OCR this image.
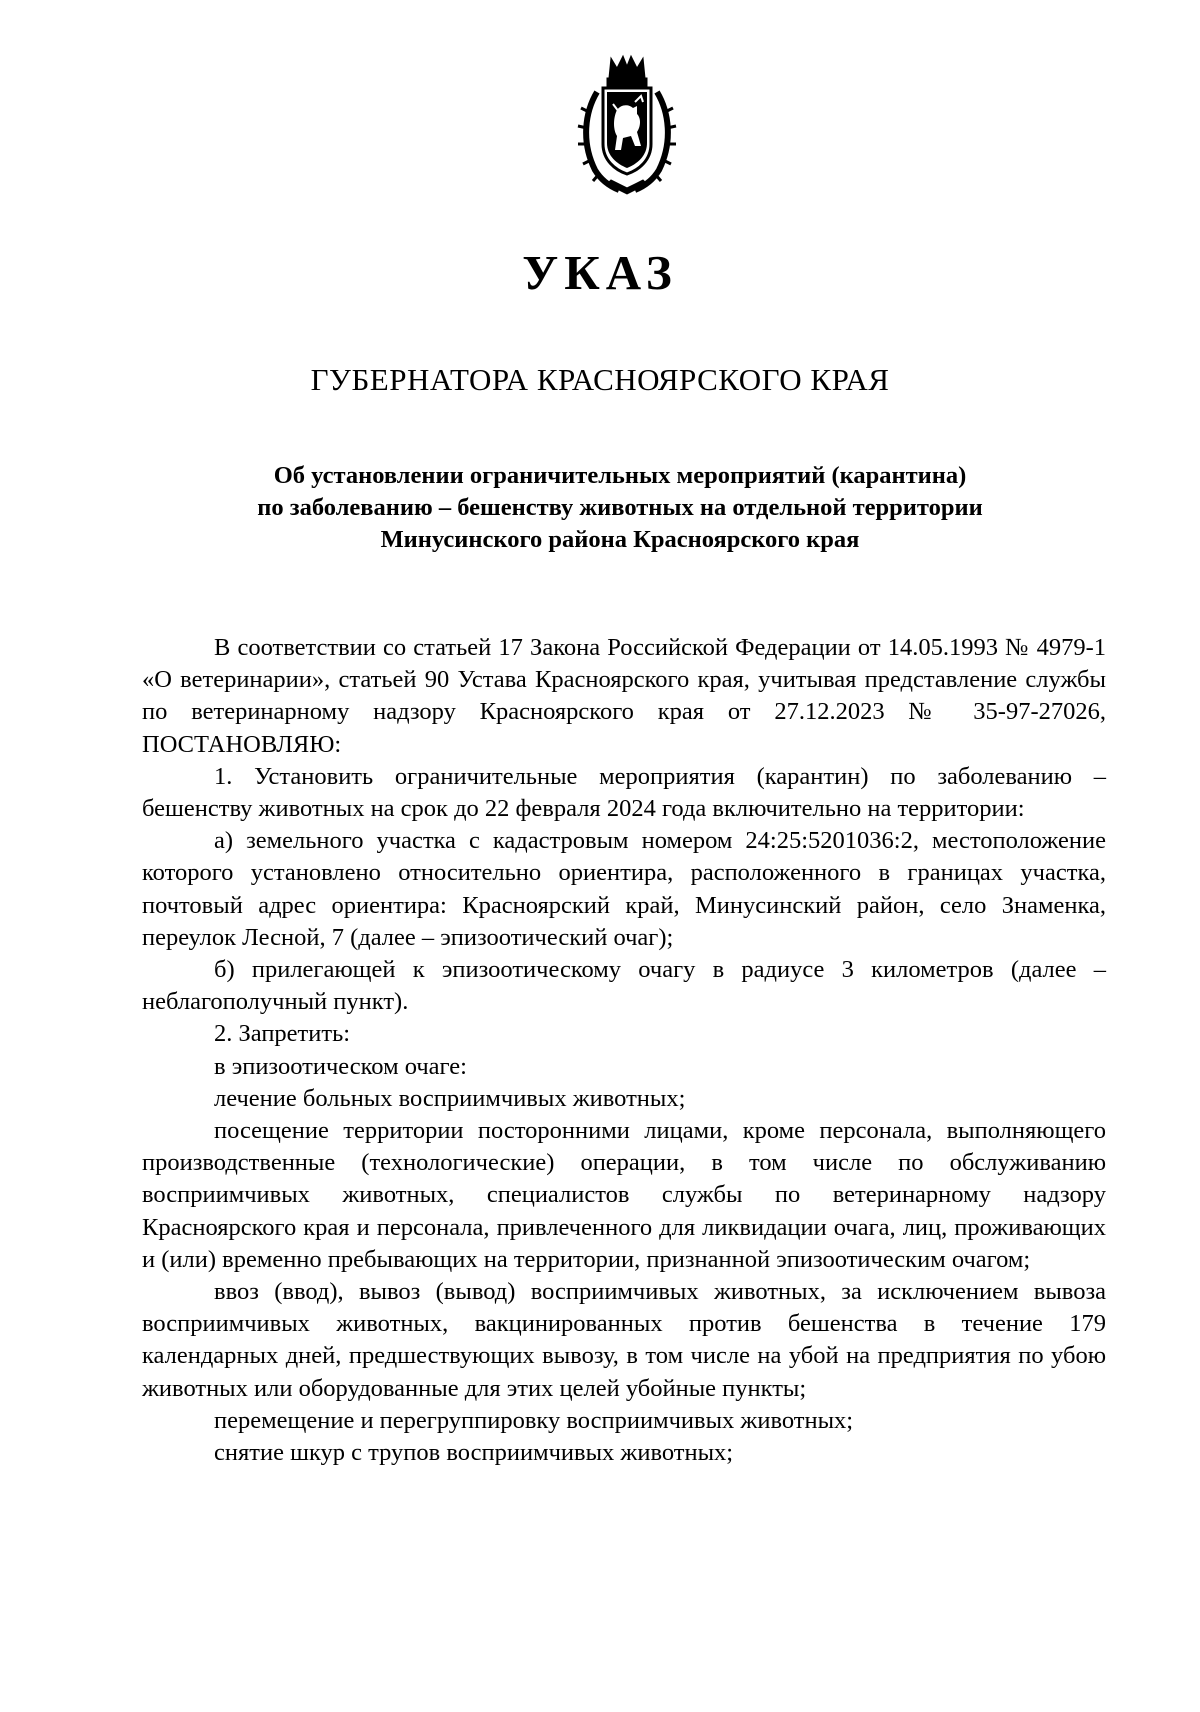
УКАЗ
ГУБЕРНАТОРА КРАСНОЯРСКОГО КРАЯ
Об установлении ограничительных мероприятий (карантина)
по заболеванию – бешенству животных на отдельной территории
Минусинского района Красноярского края

В соответствии со статьей 17 Закона Российской Федерации от 14.05.1993 № 4979-1 «О ветеринарии», статьей 90 Устава Красноярского края, учитывая представление службы по ветеринарному надзору Красноярского края от 27.12.2023 № 35-97-27026, ПОСТАНОВЛЯЮ:

1. Установить ограничительные мероприятия (карантин) по заболеванию – бешенству животных на срок до 22 февраля 2024 года включительно на территории:

а) земельного участка с кадастровым номером 24:25:5201036:2, местоположение которого установлено относительно ориентира, расположенного в границах участка, почтовый адрес ориентира: Красноярский край, Минусинский район, село Знаменка, переулок Лесной, 7 (далее – эпизоотический очаг);

б) прилегающей к эпизоотическому очагу в радиусе 3 километров (далее – неблагополучный пункт).

2. Запретить:

в эпизоотическом очаге:

лечение больных восприимчивых животных;

посещение территории посторонними лицами, кроме персонала, выполняющего производственные (технологические) операции, в том числе по обслуживанию восприимчивых животных, специалистов службы по ветеринарному надзору Красноярского края и персонала, привлеченного для ликвидации очага, лиц, проживающих и (или) временно пребывающих на территории, признанной эпизоотическим очагом;

ввоз (ввод), вывоз (вывод) восприимчивых животных, за исключением вывоза восприимчивых животных, вакцинированных против бешенства в течение 179 календарных дней, предшествующих вывозу, в том числе на убой на предприятия по убою животных или оборудованные для этих целей убойные пункты;

перемещение и перегруппировку восприимчивых животных;

снятие шкур с трупов восприимчивых животных;
